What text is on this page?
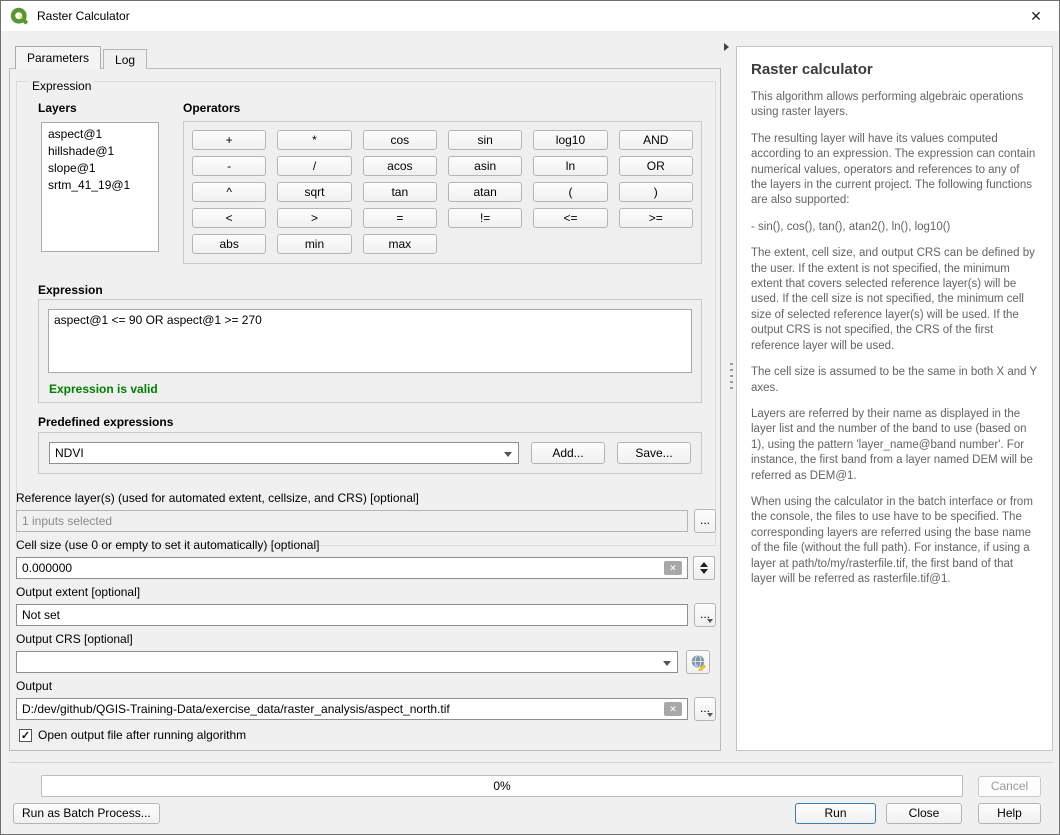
Raster Calculator	✕
Parameters	Log
Expression
Layers
aspect@1
hillshade@1
slope@1
srtm_41_19@1
Operators
+	*	cos	sin	log10	AND
-	/	acos	asin	ln	OR
^	sqrt	tan	atan	(	)
<	>	=	!=	<=	>=
abs	min	max
Expression
aspect@1 <= 90 OR aspect@1 >= 270
Expression is valid
Predefined expressions
NDVI	Add...	Save...
Reference layer(s) (used for automated extent, cellsize, and CRS) [optional]
1 inputs selected
...
Cell size (use 0 or empty to set it automatically) [optional]
0.000000
✕
Output extent [optional]
Not set
...
Output CRS [optional]
Output
D:/dev/github/QGIS-Training-Data/exercise_data/raster_analysis/aspect_north.tif
✕	...
✓ Open output file after running algorithm
Raster calculator

This algorithm allows performing algebraic operations using raster layers.

The resulting layer will have its values computed according to an expression. The expression can contain numerical values, operators and references to any of the layers in the current project. The following functions are also supported:

- sin(), cos(), tan(), atan2(), ln(), log10()

The extent, cell size, and output CRS can be defined by the user. If the extent is not specified, the minimum extent that covers selected reference layer(s) will be used. If the cell size is not specified, the minimum cell size of selected reference layer(s) will be used. If the output CRS is not specified, the CRS of the first reference layer will be used.

The cell size is assumed to be the same in both X and Y axes.

Layers are referred by their name as displayed in the layer list and the number of the band to use (based on 1), using the pattern 'layer_name@band number'. For instance, the first band from a layer named DEM will be referred as DEM@1.

When using the calculator in the batch interface or from the console, the files to use have to be specified. The corresponding layers are referred using the base name of the file (without the full path). For instance, if using a layer at path/to/my/rasterfile.tif, the first band of that layer will be referred as rasterfile.tif@1.

0%	Cancel
Run as Batch Process...	Run	Close	Help
